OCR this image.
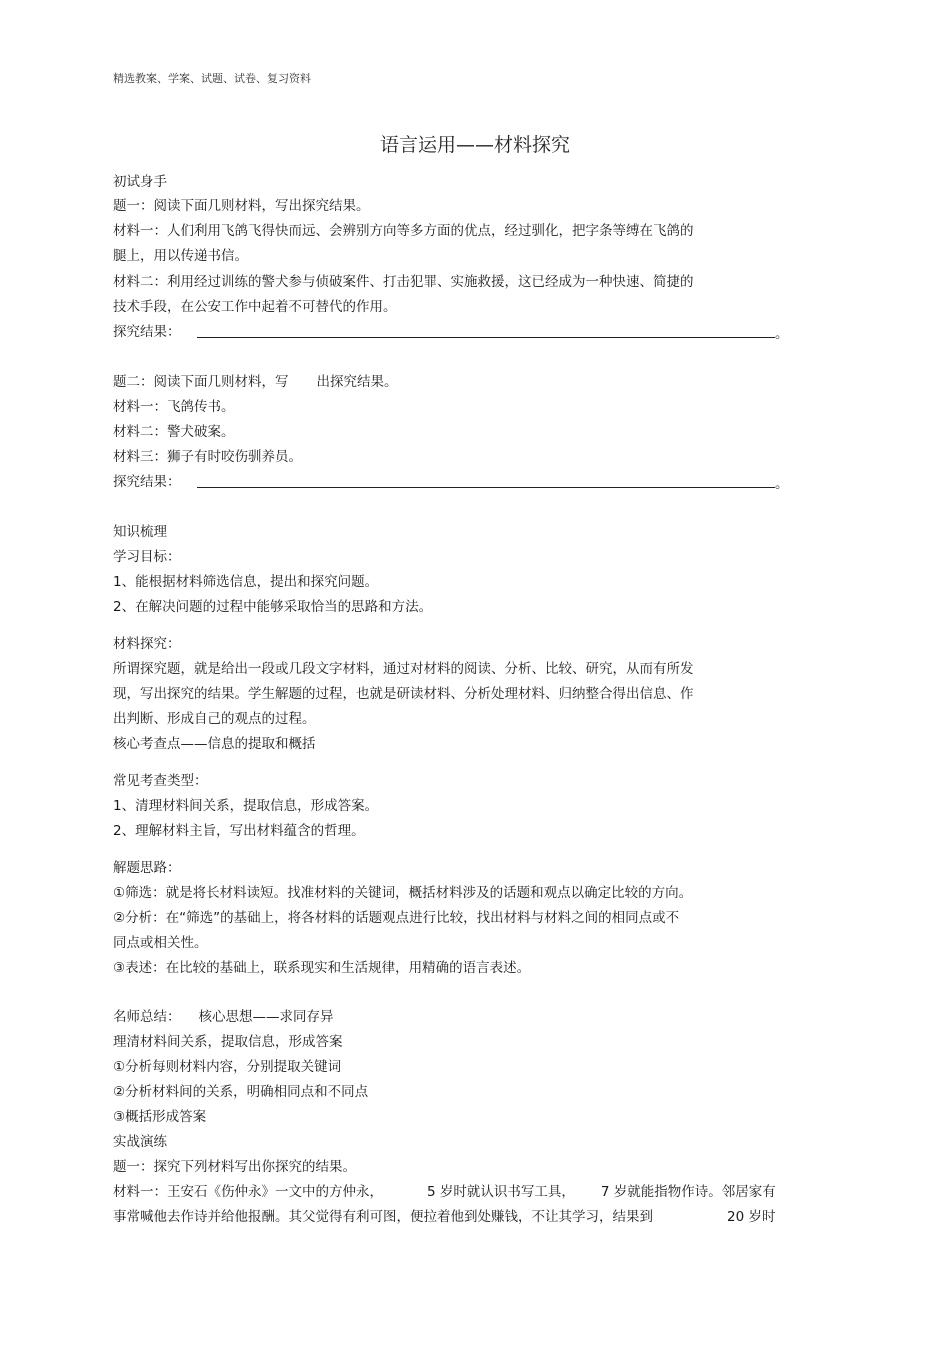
精选教案、学案、试题、试卷、复习资料
语言运用——材料探究
初试身手
题一：阅读下面几则材料，写出探究结果。
材料一：人们利用飞鸽飞得快而远、会辨别方向等多方面的优点，经过驯化，把字条等缚在飞鸽的
腿上，用以传递书信。
材料二：利用经过训练的警犬参与侦破案件、打击犯罪、实施救援，这已经成为一种快速、简捷的
技术手段，在公安工作中起着不可替代的作用。
探究结果：	。
题二：阅读下面几则材料，写 出探究结果。
材料一：飞鸽传书。
材料二：警犬破案。
材料三：狮子有时咬伤驯养员。
探究结果：	。
知识梳理
学习目标：
1、能根据材料筛选信息，提出和探究问题。
2、在解决问题的过程中能够采取恰当的思路和方法。
材料探究：
所谓探究题，就是给出一段或几段文字材料，通过对材料的阅读、分析、比较、研究，从而有所发
现，写出探究的结果。学生解题的过程，也就是研读材料、分析处理材料、归纳整合得出信息、作
出判断、形成自己的观点的过程。
核心考查点——信息的提取和概括
常见考查类型：
1、清理材料间关系，提取信息，形成答案。
2、理解材料主旨，写出材料蕴含的哲理。
解题思路：
①筛选：就是将长材料读短。找准材料的关键词，概括材料涉及的话题和观点以确定比较的方向。
②分析：在“筛选”的基础上，将各材料的话题观点进行比较，找出材料与材料之间的相同点或不
同点或相关性。
③表述：在比较的基础上，联系现实和生活规律，用精确的语言表述。
名师总结： 核心思想——求同存异
理清材料间关系，提取信息，形成答案
①分析每则材料内容，分别提取关键词
②分析材料间的关系，明确相同点和不同点
③概括形成答案
实战演练
题一：探究下列材料写出你探究的结果。
材料一：王安石《伤仲永》一文中的方仲永，	5 岁时就认识书写工具， 7 岁就能指物作诗。邻居家有
事常喊他去作诗并给他报酬。其父觉得有利可图，便拉着他到处赚钱，不让其学习，结果到	20 岁时
